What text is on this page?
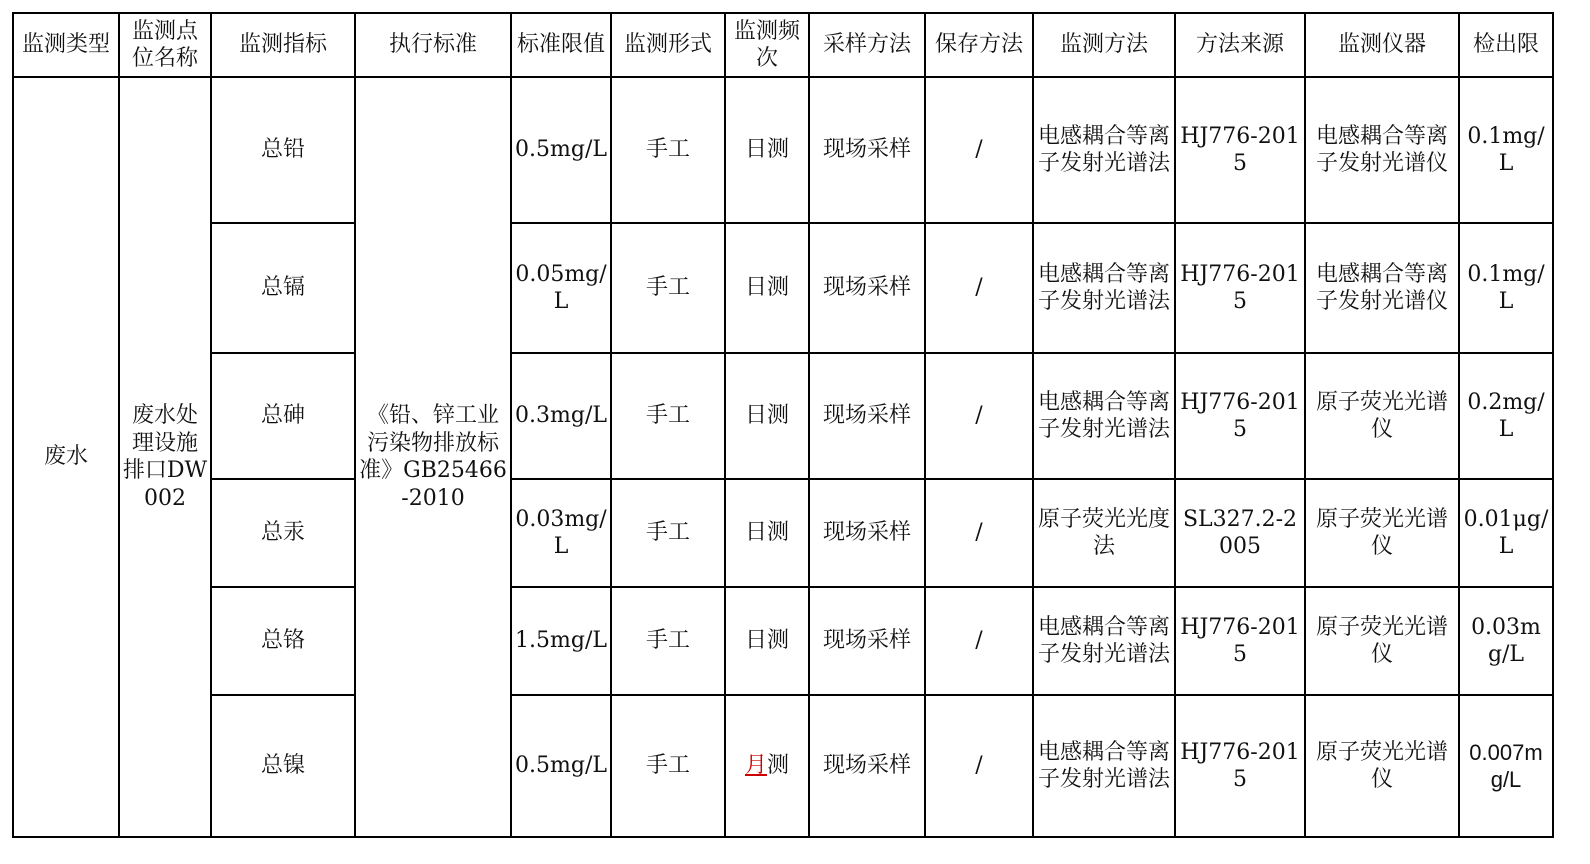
监测类型	监测点位名称	监测指标	执行标准	标准限值	监测形式	监测频次	采样方法	保存方法	监测方法	方法来源	监测仪器	检出限
废水	废水处理设施排口DW002	总铅	《铅、锌工业污染物排放标准》GB25466-2010	0.5mg/L	手工	日测	现场采样	/	电感耦合等离子发射光谱法	HJ776-2015	电感耦合等离子发射光谱仪	0.1mg/L
		总镉		0.05mg/L	手工	日测	现场采样	/	电感耦合等离子发射光谱法	HJ776-2015	电感耦合等离子发射光谱仪	0.1mg/L
		总砷		0.3mg/L	手工	日测	现场采样	/	电感耦合等离子发射光谱法	HJ776-2015	原子荧光光谱仪	0.2mg/L
		总汞		0.03mg/L	手工	日测	现场采样	/	原子荧光光度法	SL327.2-2005	原子荧光光谱仪	0.01μg/L
		总铬		1.5mg/L	手工	日测	现场采样	/	电感耦合等离子发射光谱法	HJ776-2015	原子荧光光谱仪	0.03mg/L
		总镍		0.5mg/L	手工	月测	现场采样	/	电感耦合等离子发射光谱法	HJ776-2015	原子荧光光谱仪	0.007mg/L
